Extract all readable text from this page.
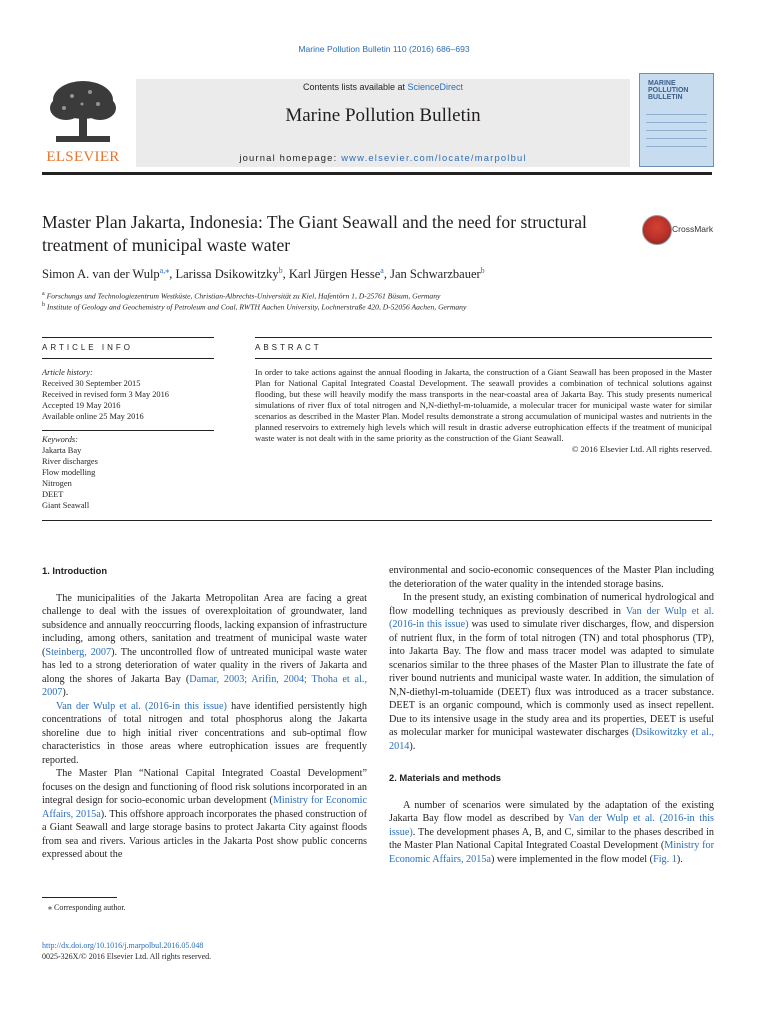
Marine Pollution Bulletin 110 (2016) 686–693
ELSEVIER
Contents lists available at ScienceDirect
Marine Pollution Bulletin
journal homepage: www.elsevier.com/locate/marpolbul
MARINE POLLUTION BULLETIN
Master Plan Jakarta, Indonesia: The Giant Seawall and the need for structural treatment of municipal waste water
CrossMark
Simon A. van der Wulp$^{a,⁎}$, Larissa Dsikowitzky$^b$, Karl Jürgen Hesse$^a$, Jan Schwarzbauer$^b$
$^a$ Forschungs und Technologiezentrum Westküste, Christian-Albrechts-Universität zu Kiel, Hafentörn 1, D-25761 Büsum, Germany
$^b$ Institute of Geology and Geochemistry of Petroleum and Coal, RWTH Aachen University, Lochnerstraße 420, D-52056 Aachen, Germany
ARTICLE INFO	ABSTRACT
Article history:
Received 30 September 2015
Received in revised form 3 May 2016
Accepted 19 May 2016
Available online 25 May 2016
Keywords:
Jakarta Bay
River discharges
Flow modelling
Nitrogen
DEET
Giant Seawall
In order to take actions against the annual flooding in Jakarta, the construction of a Giant Seawall has been proposed in the Master Plan for National Capital Integrated Coastal Development. The seawall provides a combination of technical solutions against flooding, but these will heavily modify the mass transports in the near-coastal area of Jakarta Bay. This study presents numerical simulations of river flux of total nitrogen and N,N-diethyl-m-toluamide, a molecular tracer for municipal waste water for similar scenarios as described in the Master Plan. Model results demonstrate a strong accumulation of municipal wastes and nutrients in the planned reservoirs to extremely high levels which will result in drastic adverse eutrophication effects if the treatment of municipal waste water is not dealt with in the same priority as the construction of the Giant Seawall.
© 2016 Elsevier Ltd. All rights reserved.
1. Introduction

The municipalities of the Jakarta Metropolitan Area are facing a great challenge to deal with the issues of overexploitation of groundwater, land subsidence and annually reoccurring floods, lacking expansion of infrastructure including, among others, sanitation and treatment of municipal waste water (Steinberg, 2007). The uncontrolled flow of untreated municipal waste water has led to a strong deterioration of water quality in the rivers of Jakarta and along the shores of Jakarta Bay (Damar, 2003; Arifin, 2004; Thoha et al., 2007).

Van der Wulp et al. (2016-in this issue) have identified persistently high concentrations of total nitrogen and total phosphorus along the Jakarta shoreline due to high initial river concentrations and sub-optimal flow characteristics in those areas where eutrophication issues are frequently reported.

The Master Plan “National Capital Integrated Coastal Development” focuses on the design and functioning of flood risk solutions incorporated in an integral design for socio-economic urban development (Ministry for Economic Affairs, 2015a). This offshore approach incorporates the phased construction of a Giant Seawall and large storage basins to protect Jakarta City against floods from sea and rivers. Various articles in the Jakarta Post show public concerns expressed about the

⁎ Corresponding author.
http://dx.doi.org/10.1016/j.marpolbul.2016.05.048
0025-326X/© 2016 Elsevier Ltd. All rights reserved.

environmental and socio-economic consequences of the Master Plan including the deterioration of the water quality in the intended storage basins.

In the present study, an existing combination of numerical hydrological and flow modelling techniques as previously described in Van der Wulp et al. (2016-in this issue) was used to simulate river discharges, flow, and dispersion of nutrient flux, in the form of total nitrogen (TN) and total phosphorus (TP), into Jakarta Bay. The flow and mass tracer model was adapted to simulate scenarios similar to the three phases of the Master Plan to illustrate the fate of river bound nutrients and municipal waste water. In addition, the simulation of N,N-diethyl-m-toluamide (DEET) flux was introduced as a tracer substance. DEET is an organic compound, which is commonly used as insect repellent. Due to its intensive usage in the study area and its properties, DEET is useful as molecular marker for municipal wastewater discharges (Dsikowitzky et al., 2014).

2. Materials and methods

A number of scenarios were simulated by the adaptation of the existing Jakarta Bay flow model as described by Van der Wulp et al. (2016-in this issue). The development phases A, B, and C, similar to the phases described in the Master Plan National Capital Integrated Coastal Development (Ministry for Economic Affairs, 2015a) were implemented in the flow model (Fig. 1).
